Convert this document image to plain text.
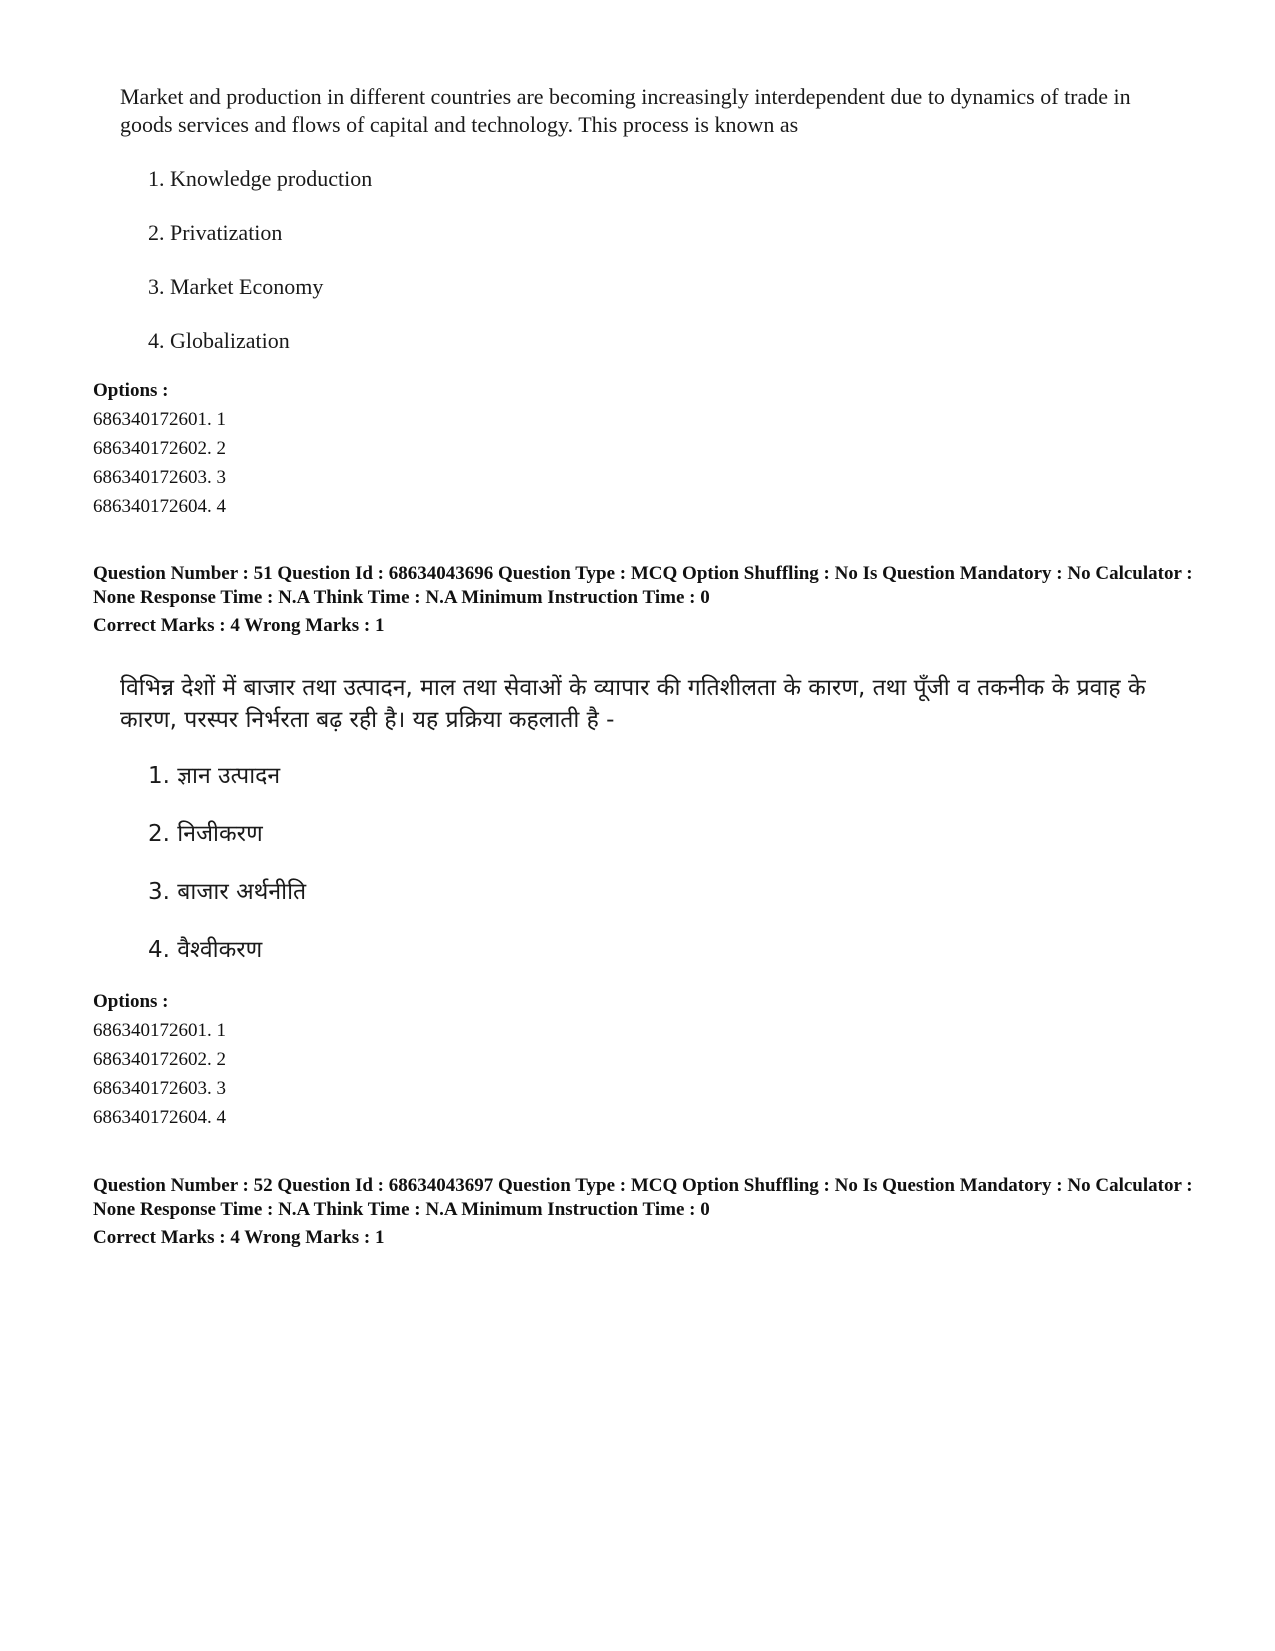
Market and production in different countries are becoming increasingly interdependent due to dynamics of trade in goods services and flows of capital and technology. This process is known as
1. Knowledge production
2. Privatization
3. Market Economy
4. Globalization
Options :
686340172601. 1
686340172602. 2
686340172603. 3
686340172604. 4
Question Number : 51 Question Id : 68634043696 Question Type : MCQ Option Shuffling : No Is Question Mandatory : No Calculator : None Response Time : N.A Think Time : N.A Minimum Instruction Time : 0
Correct Marks : 4 Wrong Marks : 1
विभिन्न देशों में बाजार तथा उत्पादन, माल तथा सेवाओं के व्यापार की गतिशीलता के कारण, तथा पूँजी व तकनीक के प्रवाह के कारण, परस्पर निर्भरता बढ़ रही है। यह प्रक्रिया कहलाती है -
1. ज्ञान उत्पादन
2. निजीकरण
3. बाजार अर्थनीति
4. वैश्वीकरण
Options :
686340172601. 1
686340172602. 2
686340172603. 3
686340172604. 4
Question Number : 52 Question Id : 68634043697 Question Type : MCQ Option Shuffling : No Is Question Mandatory : No Calculator : None Response Time : N.A Think Time : N.A Minimum Instruction Time : 0
Correct Marks : 4 Wrong Marks : 1
